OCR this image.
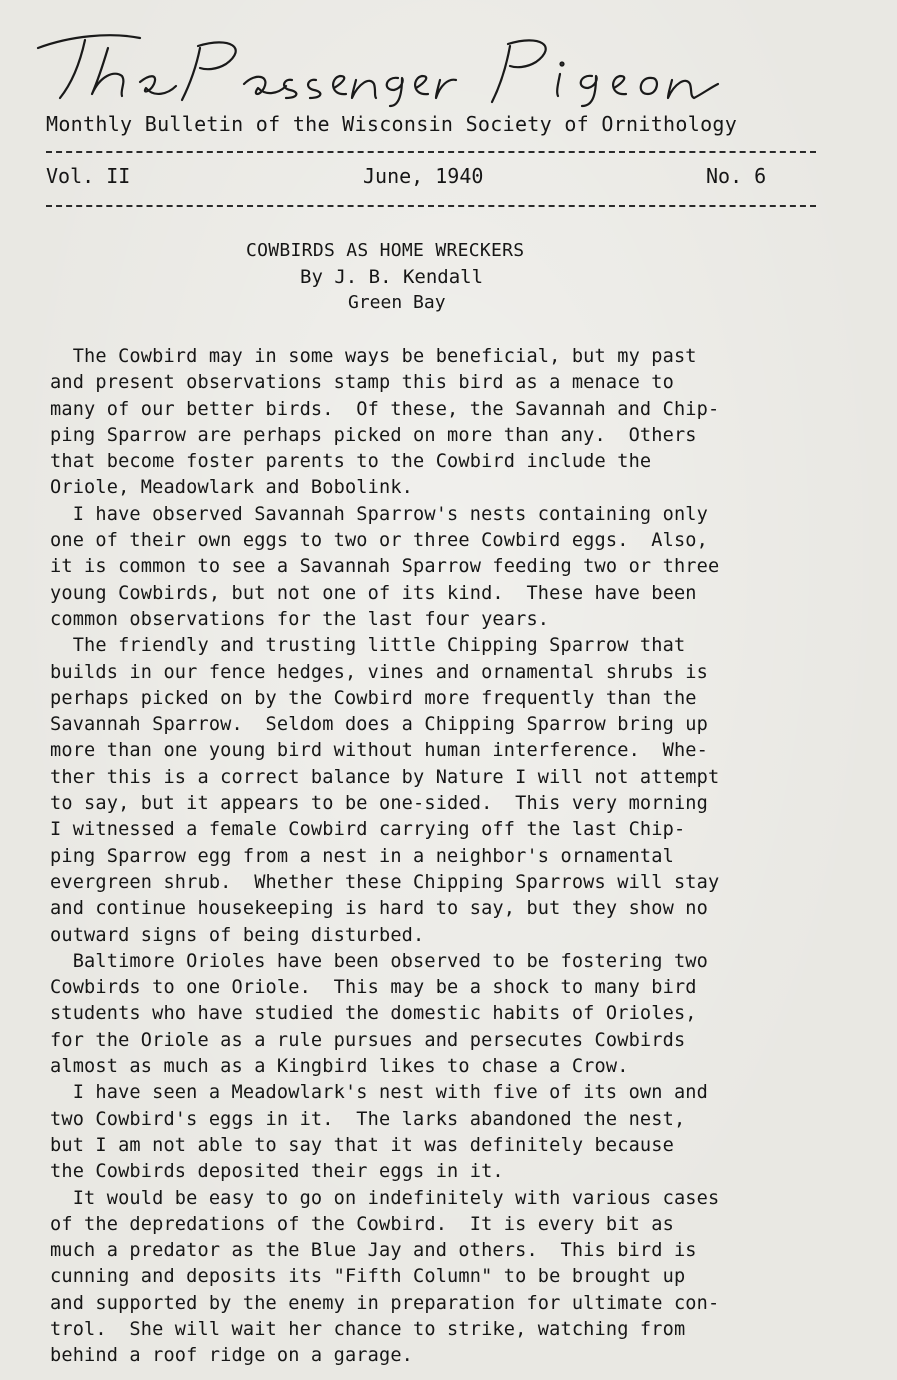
Monthly Bulletin of the Wisconsin Society of Ornithology
Vol. II	June, 1940	No. 6
COWBIRDS AS HOME WRECKERS
By J. B. Kendall
Green Bay
The Cowbird may in some ways be beneficial, but my past
and present observations stamp this bird as a menace to
many of our better birds.  Of these, the Savannah and Chip-
ping Sparrow are perhaps picked on more than any.  Others
that become foster parents to the Cowbird include the
Oriole, Meadowlark and Bobolink.
I have observed Savannah Sparrow's nests containing only
one of their own eggs to two or three Cowbird eggs.  Also,
it is common to see a Savannah Sparrow feeding two or three
young Cowbirds, but not one of its kind.  These have been
common observations for the last four years.
The friendly and trusting little Chipping Sparrow that
builds in our fence hedges, vines and ornamental shrubs is
perhaps picked on by the Cowbird more frequently than the
Savannah Sparrow.  Seldom does a Chipping Sparrow bring up
more than one young bird without human interference.  Whe-
ther this is a correct balance by Nature I will not attempt
to say, but it appears to be one-sided.  This very morning
I witnessed a female Cowbird carrying off the last Chip-
ping Sparrow egg from a nest in a neighbor's ornamental
evergreen shrub.  Whether these Chipping Sparrows will stay
and continue housekeeping is hard to say, but they show no
outward signs of being disturbed.
Baltimore Orioles have been observed to be fostering two
Cowbirds to one Oriole.  This may be a shock to many bird
students who have studied the domestic habits of Orioles,
for the Oriole as a rule pursues and persecutes Cowbirds
almost as much as a Kingbird likes to chase a Crow.
I have seen a Meadowlark's nest with five of its own and
two Cowbird's eggs in it.  The larks abandoned the nest,
but I am not able to say that it was definitely because
the Cowbirds deposited their eggs in it.
It would be easy to go on indefinitely with various cases
of the depredations of the Cowbird.  It is every bit as
much a predator as the Blue Jay and others.  This bird is
cunning and deposits its "Fifth Column" to be brought up
and supported by the enemy in preparation for ultimate con-
trol.  She will wait her chance to strike, watching from
behind a roof ridge on a garage.
